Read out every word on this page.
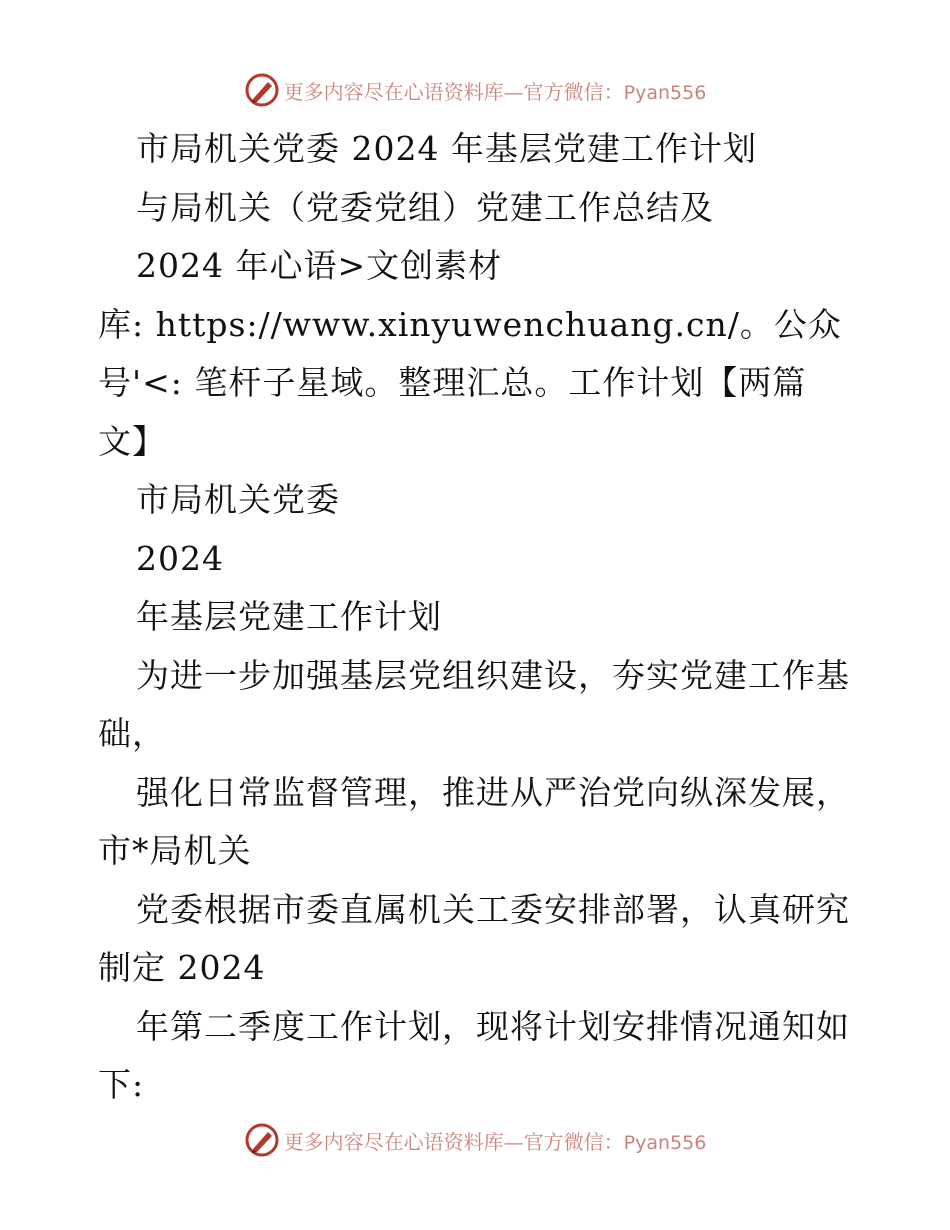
更多内容尽在心语资料库—官方微信：Pyan556
市局机关党委 2024 年基层党建工作计划
与局机关（党委党组）党建工作总结及
2024 年心语>文创素材
库: https://www.xinyuwenchuang.cn/。公众
号'<: 笔杆子星域。整理汇总。工作计划【两篇
文】
市局机关党委
2024
年基层党建工作计划
为进一步加强基层党组织建设，夯实党建工作基
础，
强化日常监督管理，推进从严治党向纵深发展，
市*局机关
党委根据市委直属机关工委安排部署，认真研究
制定 2024
年第二季度工作计划，现将计划安排情况通知如
下:
更多内容尽在心语资料库—官方微信：Pyan556
